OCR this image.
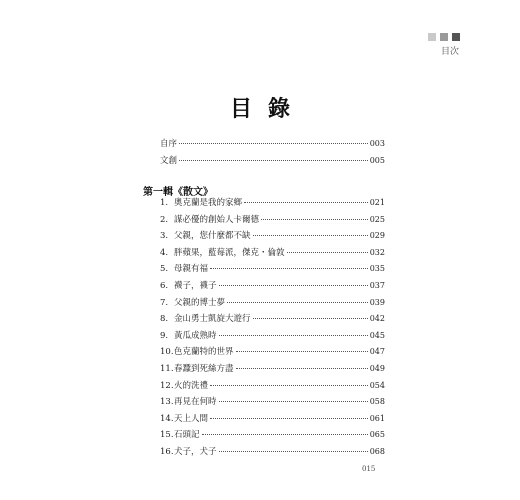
目次
目錄
自序	003
文創	005
第一輯《散文》
1. 奧克蘭是我的家鄉	021
2. 謀必優的創始人卡爾德	025
3. 父親，您什麼都不缺	029
4. 胖蘋果，藍莓派，傑克・倫敦	032
5. 母親有福	035
6. 襪子，襪子	037
7. 父親的博士夢	039
8. 金山勇士凱旋大遊行	042
9. 黃瓜成熟時	045
10. 色克蘭特的世界	047
11. 春蠶到死絲方盡	049
12. 火的洗禮	054
13. 再見在何時	058
14. 天上人間	061
15. 石頭記	065
16. 犬子，犬子	068
015
